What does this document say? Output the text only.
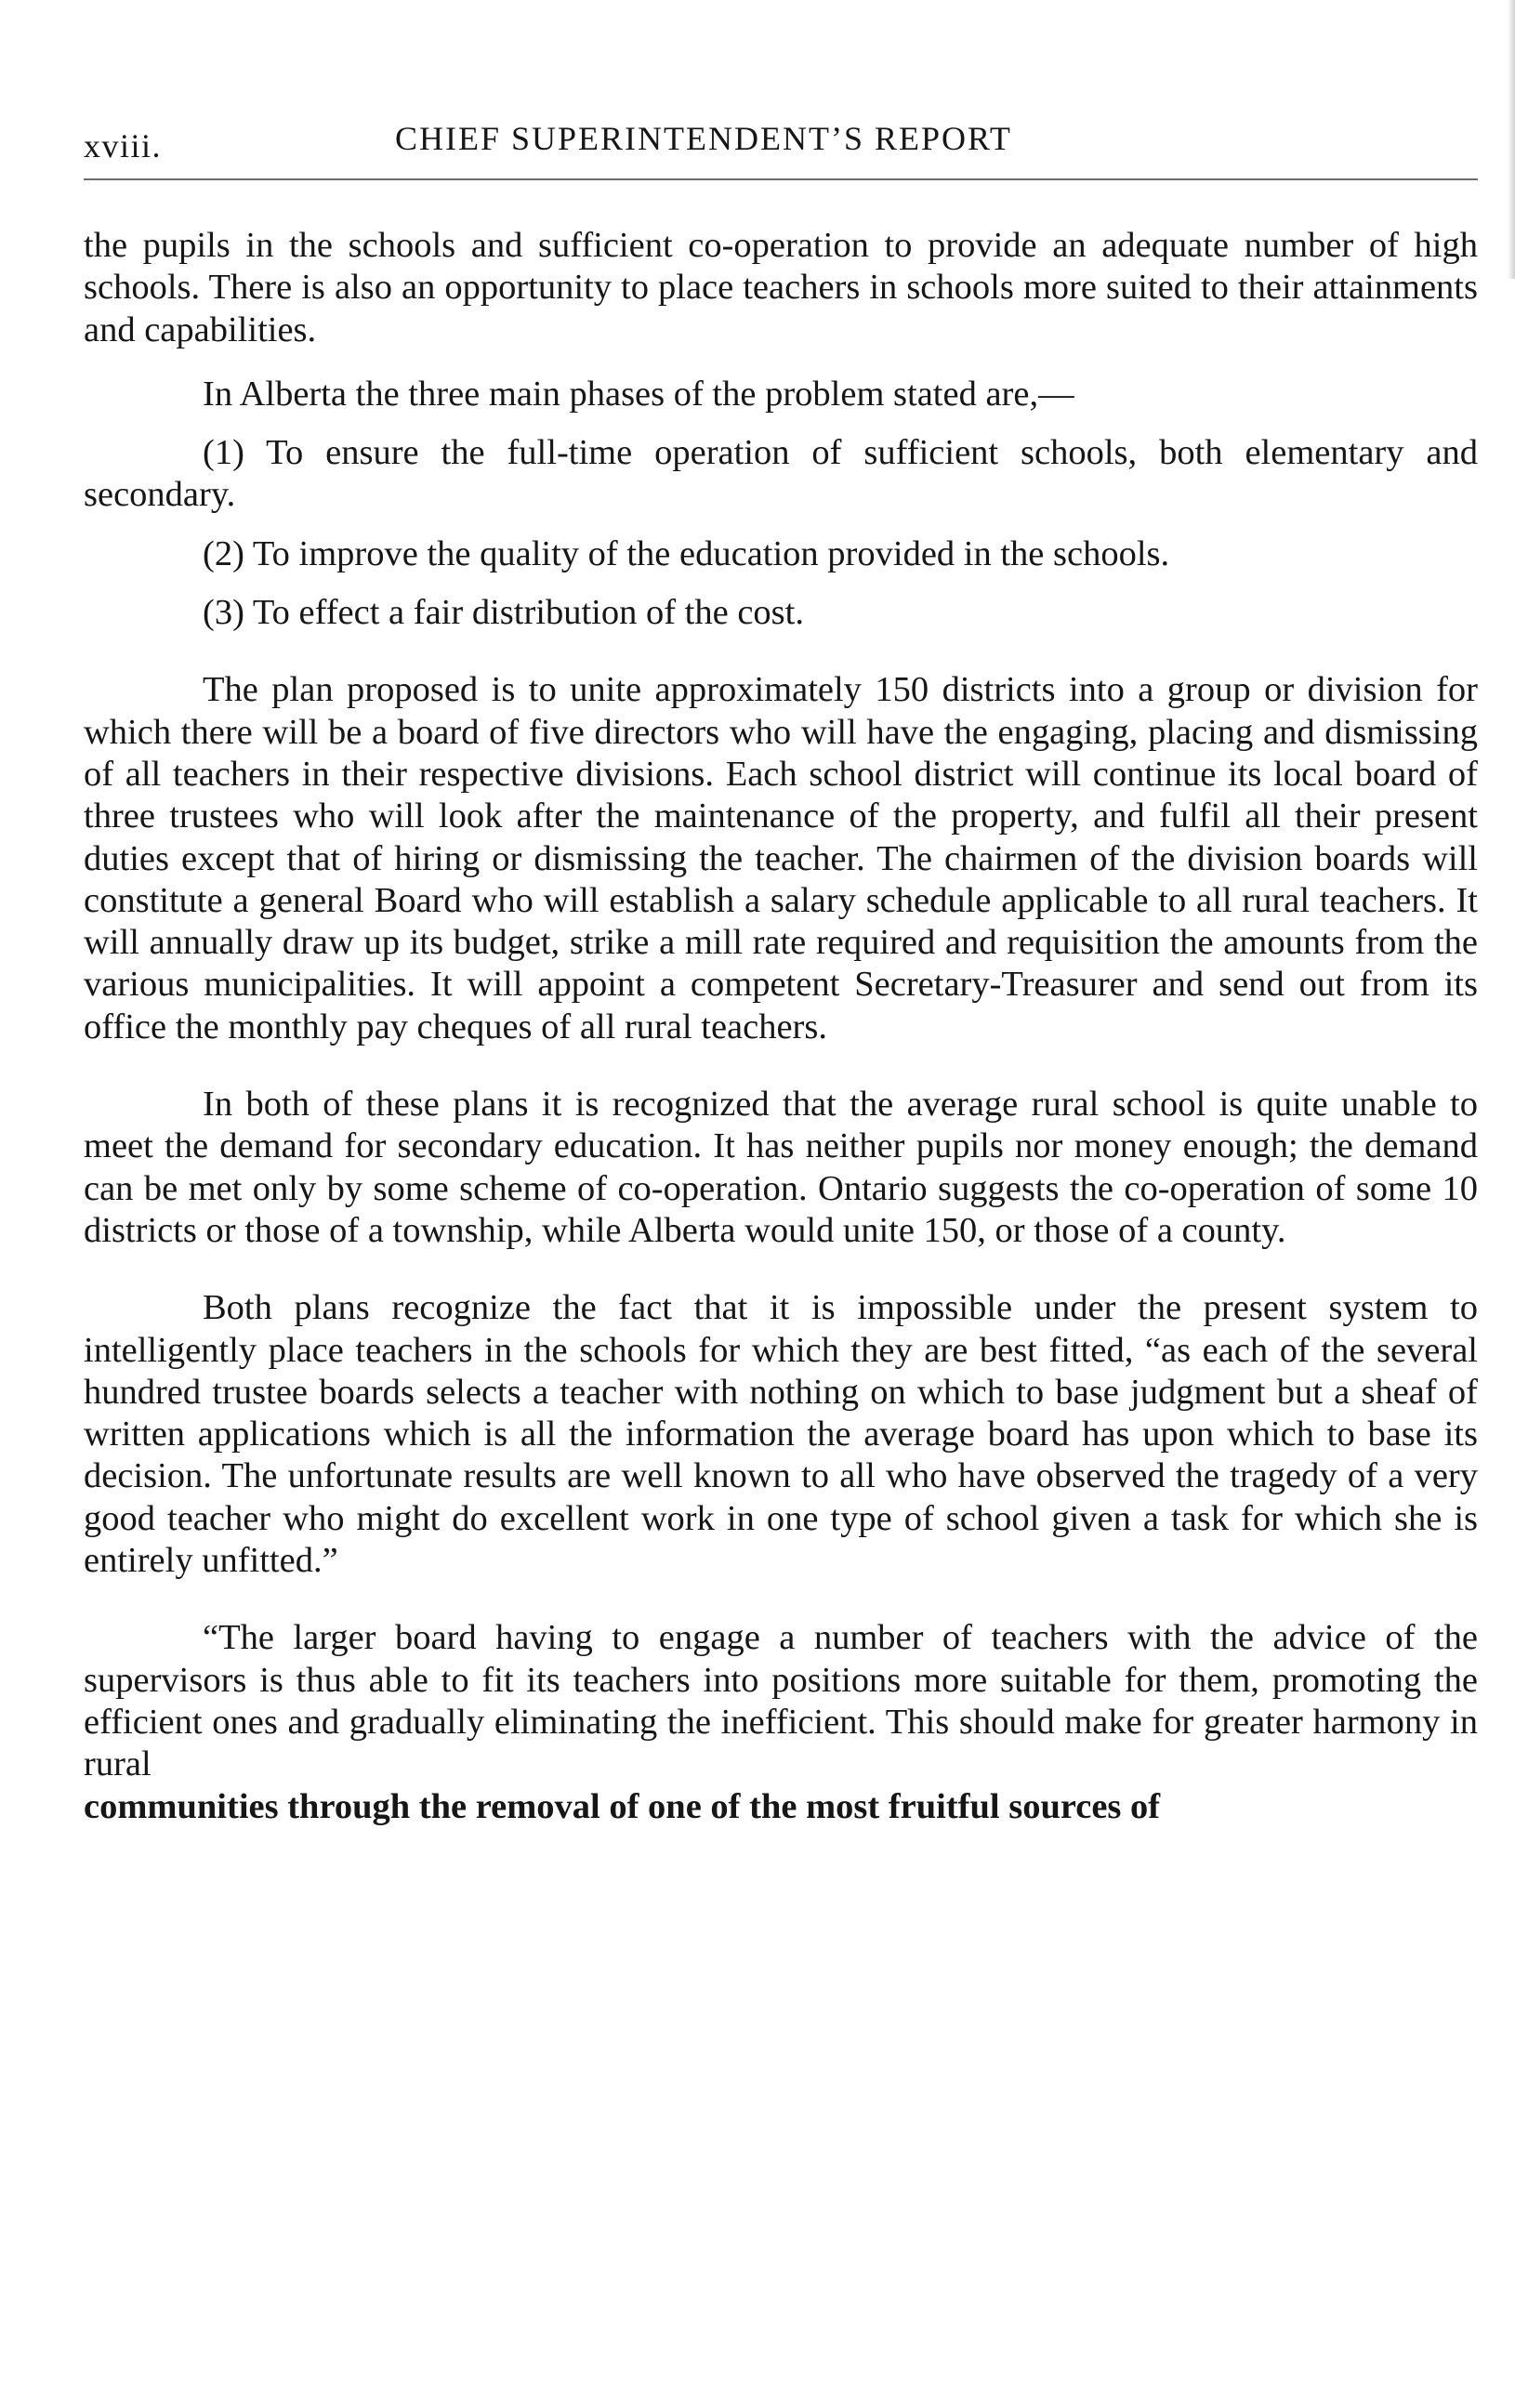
xviii.	CHIEF SUPERINTENDENT’S REPORT

the pupils in the schools and sufficient co-operation to provide an adequate number of high schools. There is also an opportunity to place teachers in schools more suited to their attainments and capabilities.

In Alberta the three main phases of the problem stated are,—

(1) To ensure the full-time operation of sufficient schools, both elementary and secondary.

(2) To improve the quality of the education provided in the schools.

(3) To effect a fair distribution of the cost.

The plan proposed is to unite approximately 150 districts into a group or division for which there will be a board of five directors who will have the engaging, placing and dismissing of all teachers in their respective divisions. Each school district will continue its local board of three trustees who will look after the maintenance of the property, and fulfil all their present duties except that of hiring or dismissing the teacher. The chairmen of the division boards will constitute a general Board who will establish a salary schedule applicable to all rural teachers. It will annually draw up its budget, strike a mill rate required and requisition the amounts from the various municipalities. It will appoint a competent Secretary-Treasurer and send out from its office the monthly pay cheques of all rural teachers.

In both of these plans it is recognized that the average rural school is quite unable to meet the demand for secondary education. It has neither pupils nor money enough; the demand can be met only by some scheme of co-operation. Ontario suggests the co-operation of some 10 districts or those of a township, while Alberta would unite 150, or those of a county.

Both plans recognize the fact that it is impossible under the present system to intelligently place teachers in the schools for which they are best fitted, “as each of the several hundred trustee boards selects a teacher with nothing on which to base judgment but a sheaf of written applications which is all the information the average board has upon which to base its decision. The unfortunate results are well known to all who have observed the tragedy of a very good teacher who might do excellent work in one type of school given a task for which she is entirely unfitted.”

“The larger board having to engage a number of teachers with the advice of the supervisors is thus able to fit its teachers into positions more suitable for them, promoting the efficient ones and gradually eliminating the inefficient. This should make for greater harmony in rural

communities through the removal of one of the most fruitful sources of
